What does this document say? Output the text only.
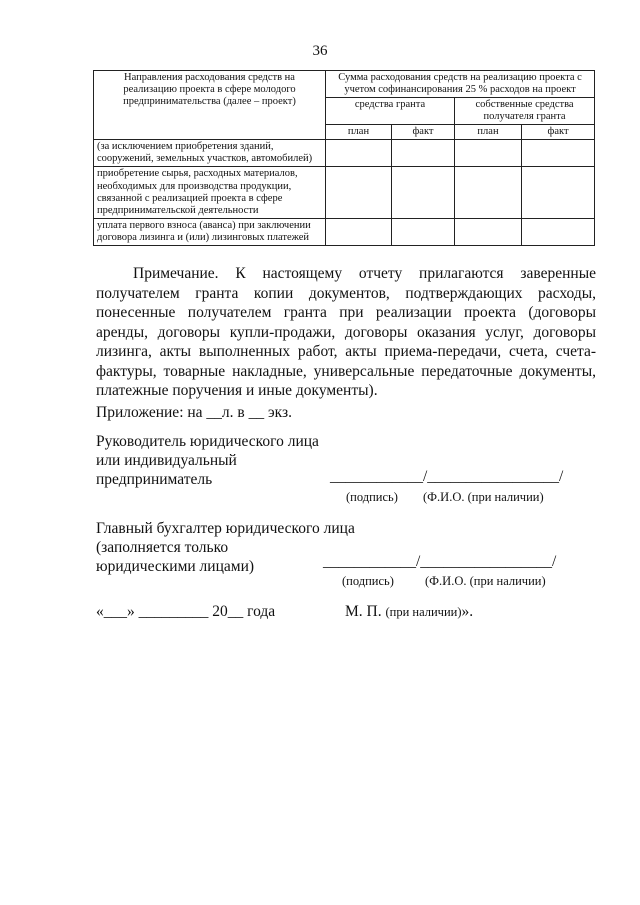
36
Направления расходования средств на реализацию проекта в сфере молодого предпринимательства (далее – проект)	Сумма расходования средств на реализацию проекта с учетом софинансирования 25 % расходов на проект			
	средства гранта		собственные средства получателя гранта	
	план	факт	план	факт
(за исключением приобретения зданий, сооружений, земельных участков, автомобилей)				
приобретение сырья, расходных материалов, необходимых для производства продукции, связанной с реализацией проекта в сфере предпринимательской деятельности				
уплата первого взноса (аванса) при заключении договора лизинга и (или) лизинговых платежей				

Примечание. К настоящему отчету прилагаются заверенные

получателем гранта копии документов, подтверждающих расходы, понесенные получателем гранта при реализации проекта (договоры аренды, договоры купли-продажи, договоры оказания услуг, договоры лизинга, акты выполненных работ, акты приема-передачи, счета, счета-фактуры, товарные накладные, универсальные передаточные документы, платежные поручения и иные документы).

Приложение: на __л. в __ экз.

Руководитель юридического лица

или индивидуальный

предприниматель	____________/_________________/
(подпись) (Ф.И.О. (при наличии)

Главный бухгалтер юридического лица

(заполняется только

юридическими лицами)	____________/_________________/
(подпись) (Ф.И.О. (при наличии)
«___» _________ 20__ года	М. П. (при наличии)».
